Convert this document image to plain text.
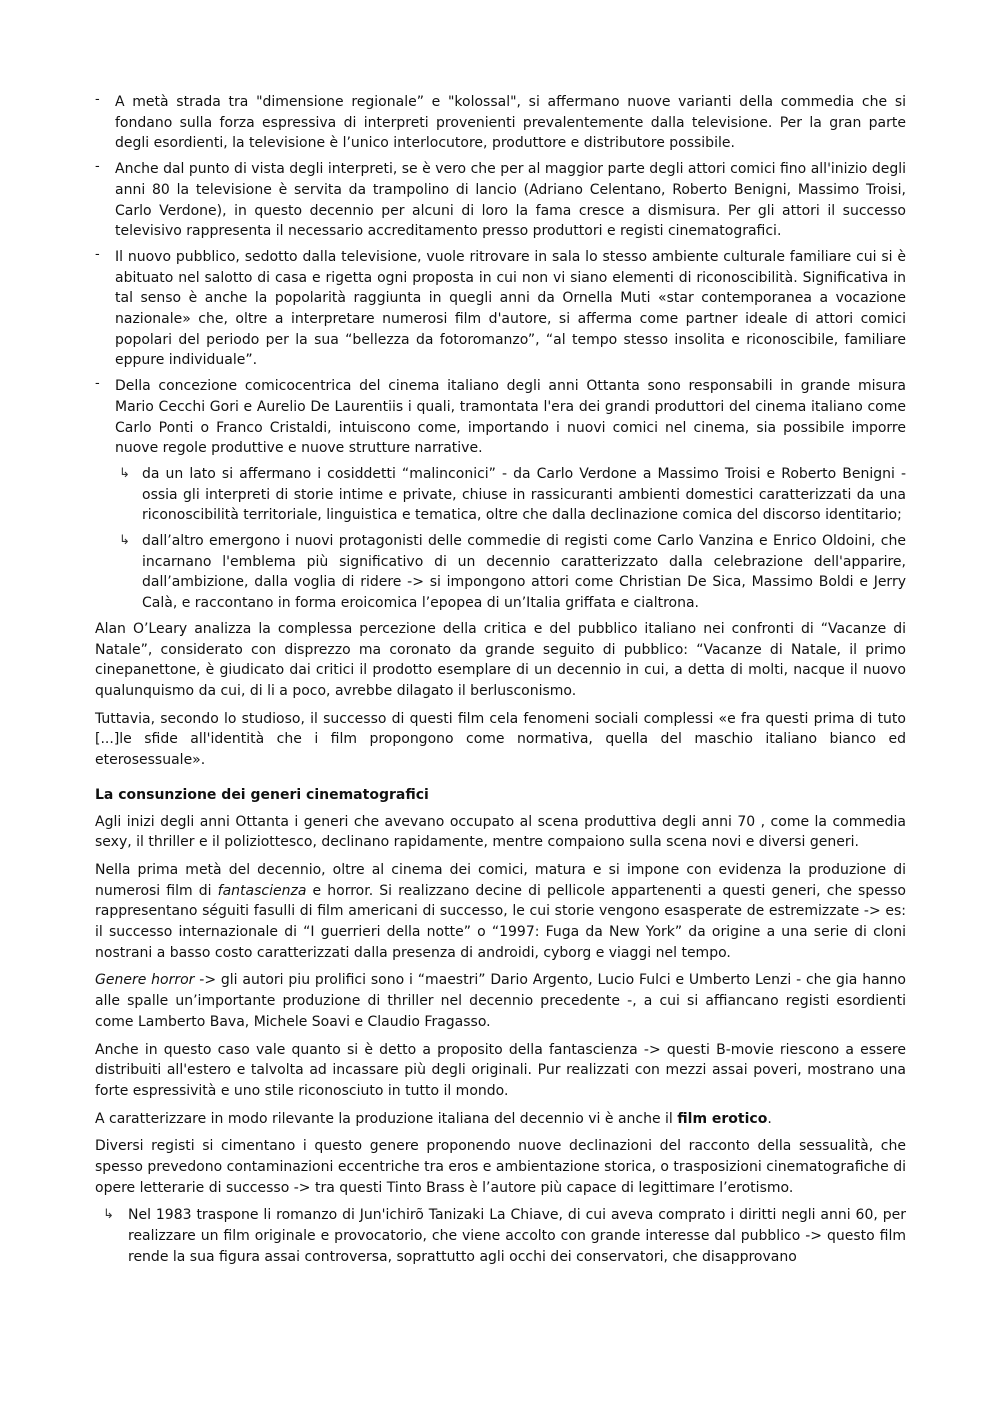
- A metà strada tra "dimensione regionale” e "kolossal", si affermano nuove varianti della commedia che si fondano sulla forza espressiva di interpreti provenienti prevalentemente dalla televisione. Per la gran parte degli esordienti, la televisione è l’unico interlocutore, produttore e distributore possibile.
- Anche dal punto di vista degli interpreti, se è vero che per al maggior parte degli attori comici fino all'inizio degli anni 80 la televisione è servita da trampolino di lancio (Adriano Celentano, Roberto Benigni, Massimo Troisi, Carlo Verdone), in questo decennio per alcuni di loro la fama cresce a dismisura. Per gli attori il successo televisivo rappresenta il necessario accreditamento presso produttori e registi cinematografici.
- Il nuovo pubblico, sedotto dalla televisione, vuole ritrovare in sala lo stesso ambiente culturale familiare cui si è abituato nel salotto di casa e rigetta ogni proposta in cui non vi siano elementi di riconoscibilità. Significativa in tal senso è anche la popolarità raggiunta in quegli anni da Ornella Muti «star contemporanea a vocazione nazionale» che, oltre a interpretare numerosi film d'autore, si afferma come partner ideale di attori comici popolari del periodo per la sua “bellezza da fotoromanzo”, “al tempo stesso insolita e riconoscibile, familiare eppure individuale”.
- Della concezione comicocentrica del cinema italiano degli anni Ottanta sono responsabili in grande misura Mario Cecchi Gori e Aurelio De Laurentiis i quali, tramontata l'era dei grandi produttori del cinema italiano come Carlo Ponti o Franco Cristaldi, intuiscono come, importando i nuovi comici nel cinema, sia possibile imporre nuove regole produttive e nuove strutture narrative.
↳ da un lato si affermano i cosiddetti “malinconici” - da Carlo Verdone a Massimo Troisi e Roberto Benigni - ossia gli interpreti di storie intime e private, chiuse in rassicuranti ambienti domestici caratterizzati da una riconoscibilità territoriale, linguistica e tematica, oltre che dalla declinazione comica del discorso identitario;
↳ dall’altro emergono i nuovi protagonisti delle commedie di registi come Carlo Vanzina e Enrico Oldoini, che incarnano l'emblema più significativo di un decennio caratterizzato dalla celebrazione dell'apparire, dall’ambizione, dalla voglia di ridere -> si impongono attori come Christian De Sica, Massimo Boldi e Jerry Calà, e raccontano in forma eroicomica l’epopea di un’Italia griffata e cialtrona.

Alan O’Leary analizza la complessa percezione della critica e del pubblico italiano nei confronti di “Vacanze di Natale”, considerato con disprezzo ma coronato da grande seguito di pubblico: “Vacanze di Natale, il primo cinepanettone, è giudicato dai critici il prodotto esemplare di un decennio in cui, a detta di molti, nacque il nuovo qualunquismo da cui, di li a poco, avrebbe dilagato il berlusconismo.

Tuttavia, secondo lo studioso, il successo di questi film cela fenomeni sociali complessi «e fra questi prima di tuto [...]le sfide all'identità che i film propongono come normativa, quella del maschio italiano bianco ed eterosessuale».

La consunzione dei generi cinematografici

Agli inizi degli anni Ottanta i generi che avevano occupato al scena produttiva degli anni 70 , come la commedia sexy, il thriller e il poliziottesco, declinano rapidamente, mentre compaiono sulla scena novi e diversi generi.

Nella prima metà del decennio, oltre al cinema dei comici, matura e si impone con evidenza la produzione di numerosi film di fantascienza e horror. Si realizzano decine di pellicole appartenenti a questi generi, che spesso rappresentano séguiti fasulli di film americani di successo, le cui storie vengono esasperate de estremizzate -> es: il successo internazionale di “I guerrieri della notte” o “1997: Fuga da New York” da origine a una serie di cloni nostrani a basso costo caratterizzati dalla presenza di androidi, cyborg e viaggi nel tempo.

Genere horror -> gli autori piu prolifici sono i “maestri” Dario Argento, Lucio Fulci e Umberto Lenzi - che gia hanno alle spalle un’importante produzione di thriller nel decennio precedente -, a cui si affiancano registi esordienti come Lamberto Bava, Michele Soavi e Claudio Fragasso.

Anche in questo caso vale quanto si è detto a proposito della fantascienza -> questi B-movie riescono a essere distribuiti all'estero e talvolta ad incassare più degli originali. Pur realizzati con mezzi assai poveri, mostrano una forte espressività e uno stile riconosciuto in tutto il mondo.

A caratterizzare in modo rilevante la produzione italiana del decennio vi è anche il film erotico.

Diversi registi si cimentano i questo genere proponendo nuove declinazioni del racconto della sessualità, che spesso prevedono contaminazioni eccentriche tra eros e ambientazione storica, o trasposizioni cinematografiche di opere letterarie di successo -> tra questi Tinto Brass è l’autore più capace di legittimare l’erotismo.

↳ Nel 1983 traspone li romanzo di Jun'ichirõ Tanizaki La Chiave, di cui aveva comprato i diritti negli anni 60, per realizzare un film originale e provocatorio, che viene accolto con grande interesse dal pubblico -> questo film rende la sua figura assai controversa, soprattutto agli occhi dei conservatori, che disapprovano
